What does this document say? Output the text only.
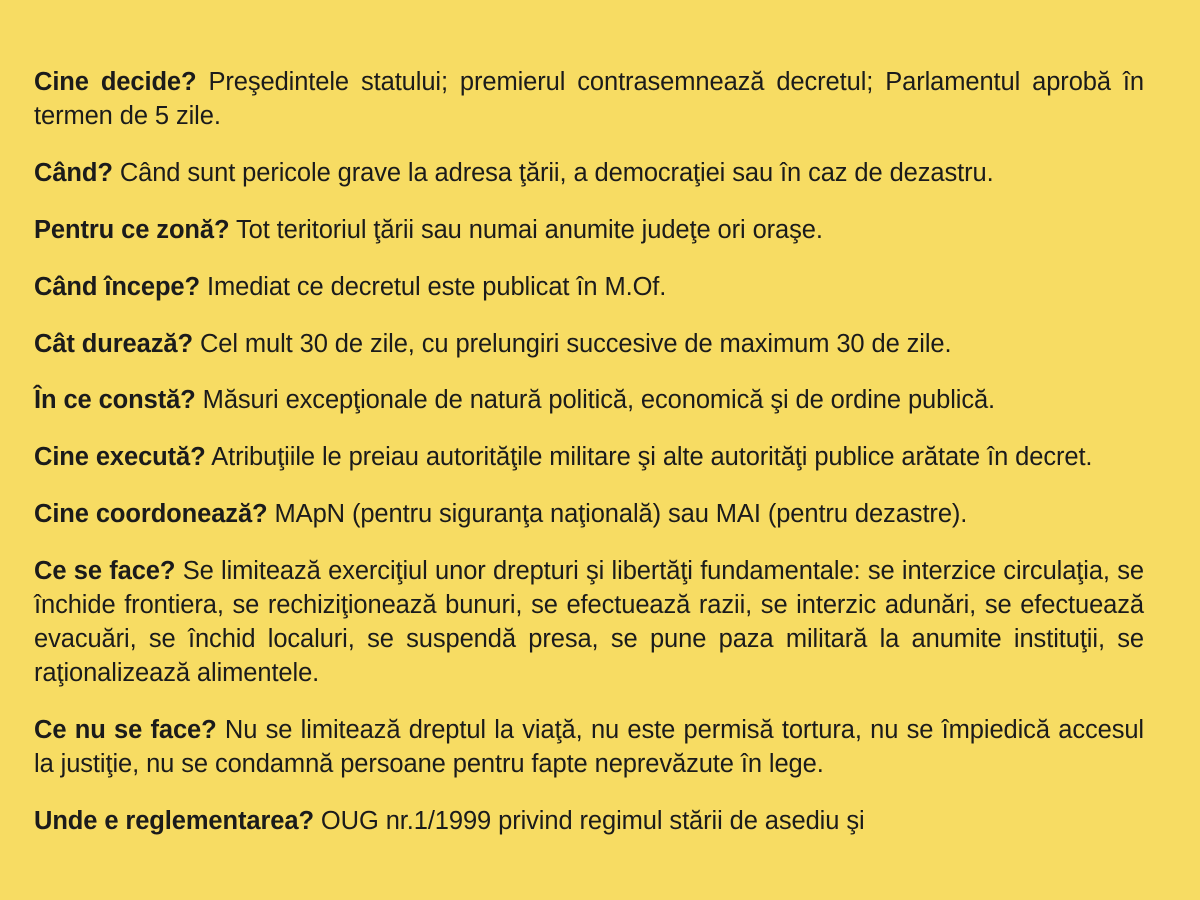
Cine decide? Preşedintele statului; premierul contrasemnează decretul; Parlamentul aprobă în termen de 5 zile.

Când? Când sunt pericole grave la adresa ţării, a democraţiei sau în caz de dezastru.

Pentru ce zonă? Tot teritoriul ţării sau numai anumite judeţe ori oraşe.

Când începe? Imediat ce decretul este publicat în M.Of.

Cât durează? Cel mult 30 de zile, cu prelungiri succesive de maximum 30 de zile.

În ce constă? Măsuri excepţionale de natură politică, economică şi de ordine publică.

Cine execută? Atribuţiile le preiau autorităţile militare şi alte autorităţi publice arătate în decret.

Cine coordonează? MApN (pentru siguranţa naţională) sau MAI (pentru dezastre).

Ce se face? Se limitează exerciţiul unor drepturi şi libertăţi fundamentale: se interzice circulaţia, se închide frontiera, se rechiziţionează bunuri, se efectuează razii, se interzic adunări, se efectuează evacuări, se închid localuri, se suspendă presa, se pune paza militară la anumite instituţii, se raţionalizează alimentele.

Ce nu se face? Nu se limitează dreptul la viaţă, nu este permisă tortura, nu se împiedică accesul la justiţie, nu se condamnă persoane pentru fapte neprevăzute în lege.

Unde e reglementarea? OUG nr.1/1999 privind regimul stării de asediu şi
